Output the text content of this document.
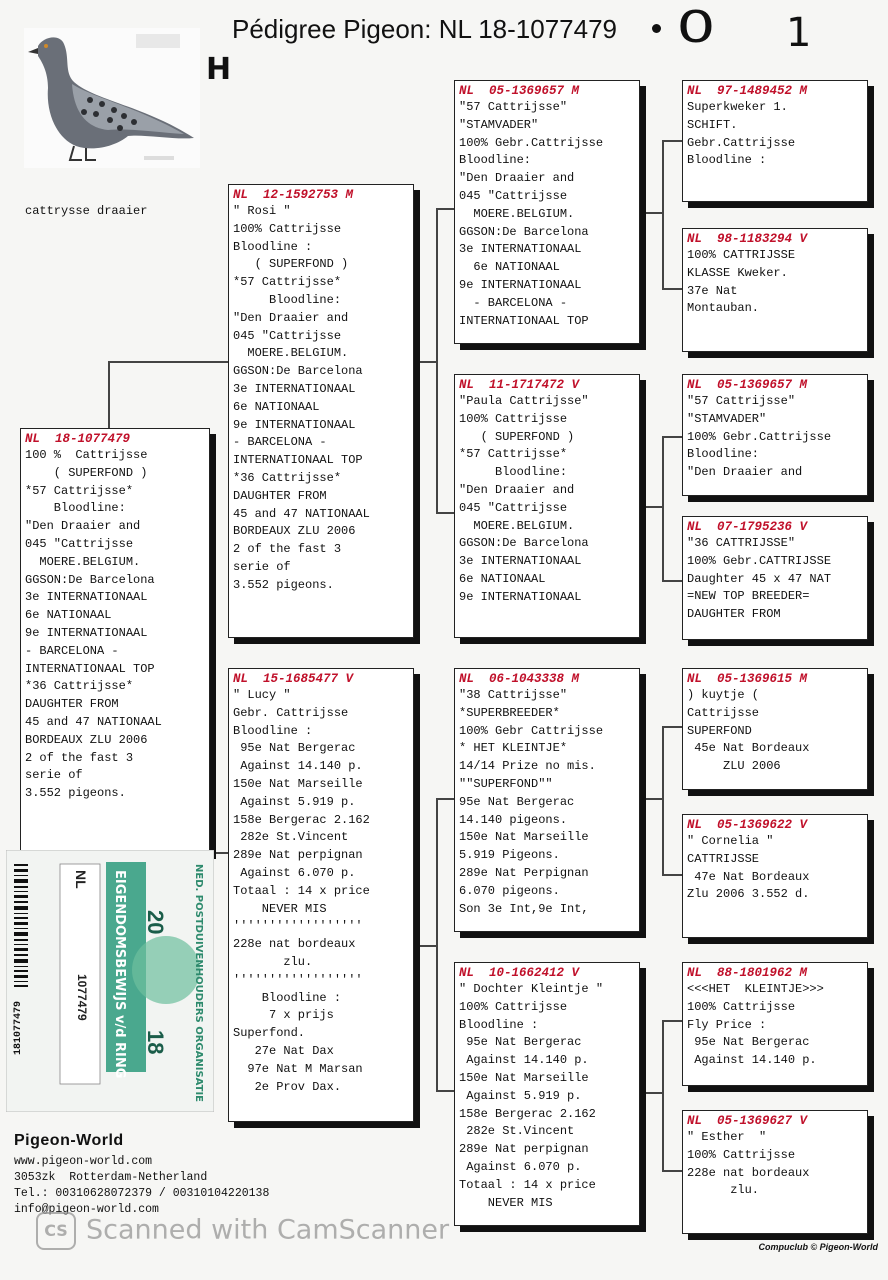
Pédigree Pigeon: NL 18-1077479 0 1
H
cattrysse draaier
NL  18-1077479
100 %  Cattrijsse
( SUPERFOND )
*57 Cattrijsse*
Bloodline:
"Den Draaier and
045 "Cattrijsse
MOERE.BELGIUM.
GGSON:De Barcelona
3e INTERNATIONAAL
6e NATIONAAL
9e INTERNATIONAAL
- BARCELONA -
INTERNATIONAAL TOP
*36 Cattrijsse*
DAUGHTER FROM
45 and 47 NATIONAAL
BORDEAUX ZLU 2006
2 of the fast 3
serie of
3.552 pigeons.
NL  12-1592753 M
" Rosi "
100% Cattrijsse
Bloodline :
( SUPERFOND )
*57 Cattrijsse*
Bloodline:
"Den Draaier and
045 "Cattrijsse
MOERE.BELGIUM.
GGSON:De Barcelona
3e INTERNATIONAAL
6e NATIONAAL
9e INTERNATIONAAL
- BARCELONA -
INTERNATIONAAL TOP
*36 Cattrijsse*
DAUGHTER FROM
45 and 47 NATIONAAL
BORDEAUX ZLU 2006
2 of the fast 3
serie of
3.552 pigeons.
NL  15-1685477 V
" Lucy "
Gebr. Cattrijsse
Bloodline :
95e Nat Bergerac
Against 14.140 p.
150e Nat Marseille
Against 5.919 p.
158e Bergerac 2.162
282e St.Vincent
289e Nat perpignan
Against 6.070 p.
Totaal : 14 x price
NEVER MIS
''''''''''''''''''
228e nat bordeaux
zlu.
''''''''''''''''''
Bloodline :
7 x prijs
Superfond.
27e Nat Dax
97e Nat M Marsan
2e Prov Dax.
NL  05-1369657 M
"57 Cattrijsse"
"STAMVADER"
100% Gebr.Cattrijsse
Bloodline:
"Den Draaier and
045 "Cattrijsse
MOERE.BELGIUM.
GGSON:De Barcelona
3e INTERNATIONAAL
6e NATIONAAL
9e INTERNATIONAAL
- BARCELONA -
INTERNATIONAAL TOP
NL  11-1717472 V
"Paula Cattrijsse"
100% Cattrijsse
( SUPERFOND )
*57 Cattrijsse*
Bloodline:
"Den Draaier and
045 "Cattrijsse
MOERE.BELGIUM.
GGSON:De Barcelona
3e INTERNATIONAAL
6e NATIONAAL
9e INTERNATIONAAL
NL  06-1043338 M
"38 Cattrijsse"
*SUPERBREEDER*
100% Gebr Cattrijsse
* HET KLEINTJE*
14/14 Prize no mis.
""SUPERFOND""
95e Nat Bergerac
14.140 pigeons.
150e Nat Marseille
5.919 Pigeons.
289e Nat Perpignan
6.070 pigeons.
Son 3e Int,9e Int,
NL  10-1662412 V
" Dochter Kleintje "
100% Cattrijsse
Bloodline :
95e Nat Bergerac
Against 14.140 p.
150e Nat Marseille
Against 5.919 p.
158e Bergerac 2.162
282e St.Vincent
289e Nat perpignan
Against 6.070 p.
Totaal : 14 x price
NEVER MIS
NL  97-1489452 M
Superkweker 1.
SCHIFT.
Gebr.Cattrijsse
Bloodline :
NL  98-1183294 V
100% CATTRIJSSE
KLASSE Kweker.
37e Nat
Montauban.
NL  05-1369657 M
"57 Cattrijsse"
"STAMVADER"
100% Gebr.Cattrijsse
Bloodline:
"Den Draaier and
NL  07-1795236 V
"36 CATTRIJSSE"
100% Gebr.CATTRIJSSE
Daughter 45 x 47 NAT
=NEW TOP BREEDER=
DAUGHTER FROM
NL  05-1369615 M
) kuytje (
Cattrijsse
SUPERFOND
45e Nat Bordeaux
ZLU 2006
NL  05-1369622 V
" Cornelia "
CATTRIJSSE
47e Nat Bordeaux
Zlu 2006 3.552 d.
NL  88-1801962 M
<<<HET  KLEINTJE>>>
100% Cattrijsse
Fly Price :
95e Nat Bergerac
Against 14.140 p.
NL  05-1369627 V
" Esther  "
100% Cattrijsse
228e nat bordeaux
zlu.
181077479
NL
1077479 EIGENDOMSBEWIJS v/d RING 20
18	NED. POSTDUIVENHOUDERS ORGANISATIE
Pigeon-World
www.pigeon-world.com
3053zk  Rotterdam-Netherland
Tel.: 00310628072379 / 00310104220138
info@pigeon-world.com
Compuclub © Pigeon-World
CS Scanned with CamScanner
